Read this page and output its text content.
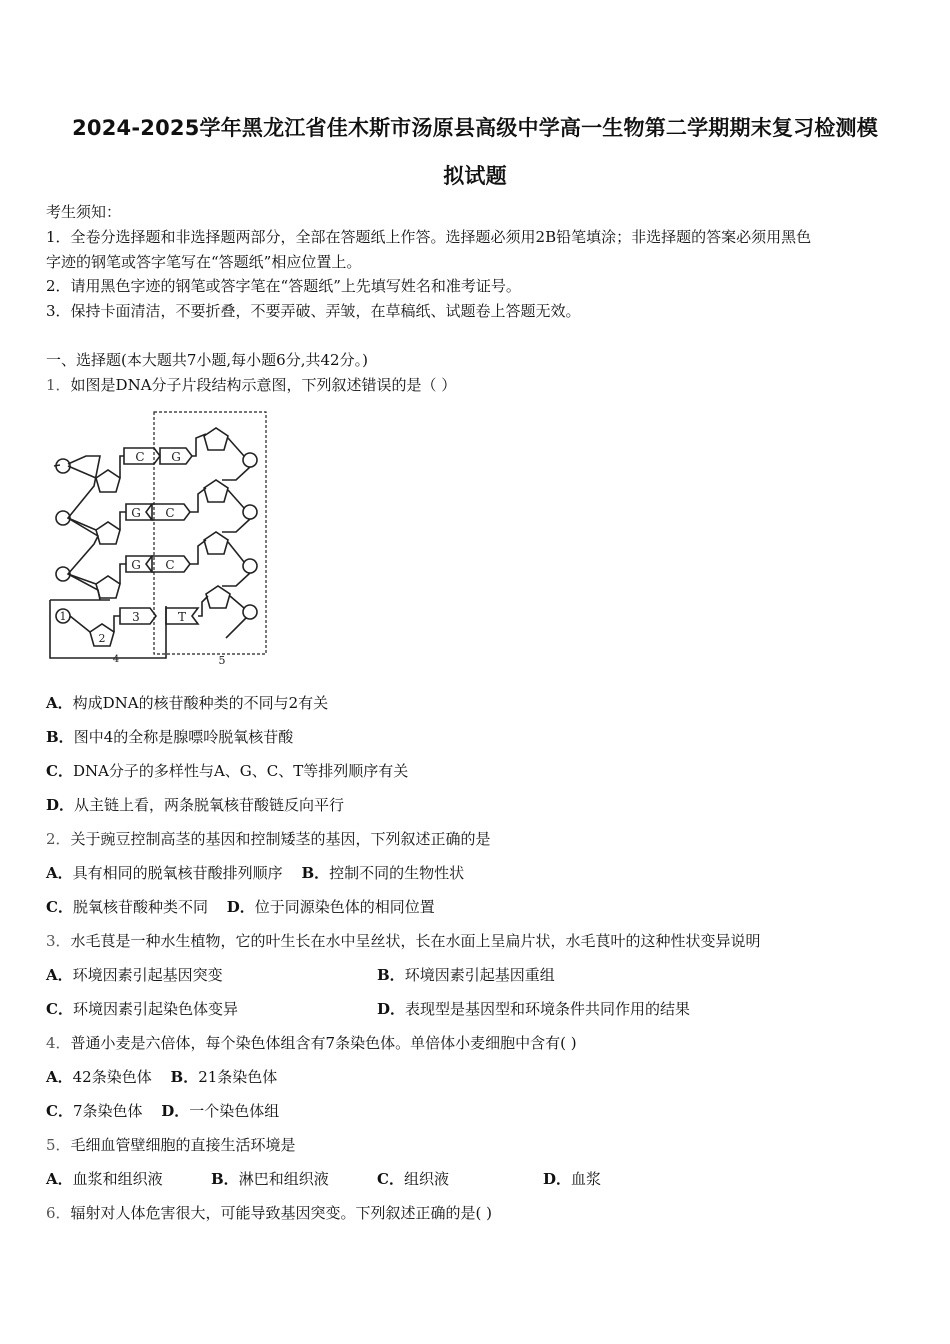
2024-2025学年黑龙江省佳木斯市汤原县高级中学高一生物第二学期期末复习检测模
拟试题
考生须知：
1．全卷分选择题和非选择题两部分，全部在答题纸上作答。选择题必须用2B铅笔填涂；非选择题的答案必须用黑色
字迹的钢笔或答字笔写在“答题纸”相应位置上。
2．请用黑色字迹的钢笔或答字笔在“答题纸”上先填写姓名和准考证号。
3．保持卡面清洁，不要折叠，不要弄破、弄皱，在草稿纸、试题卷上答题无效。
一、选择题(本大题共7小题,每小题6分,共42分。)
1．如图是DNA分子片段结构示意图，下列叙述错误的是（ ）
C G
G C
G C
3	T
1
2
4	5
A．构成DNA的核苷酸种类的不同与2有关
B．图中4的全称是腺嘌呤脱氧核苷酸
C．DNA分子的多样性与A、G、C、T等排列顺序有关
D．从主链上看，两条脱氧核苷酸链反向平行
2．关于豌豆控制高茎的基因和控制矮茎的基因，下列叙述正确的是
A．具有相同的脱氧核苷酸排列顺序 B．控制不同的生物性状
C．脱氧核苷酸种类不同 D．位于同源染色体的相同位置
3．水毛茛是一种水生植物，它的叶生长在水中呈丝状，长在水面上呈扁片状，水毛茛叶的这种性状变异说明
A．环境因素引起基因突变	B．环境因素引起基因重组
C．环境因素引起染色体变异	D．表现型是基因型和环境条件共同作用的结果
4．普通小麦是六倍体，每个染色体组含有7条染色体。单倍体小麦细胞中含有( )
A．42条染色体 B．21条染色体
C．7条染色体 D．一个染色体组
5．毛细血管壁细胞的直接生活环境是
A．血浆和组织液	B．淋巴和组织液	C．组织液	D．血浆
6．辐射对人体危害很大，可能导致基因突变。下列叙述正确的是( )
